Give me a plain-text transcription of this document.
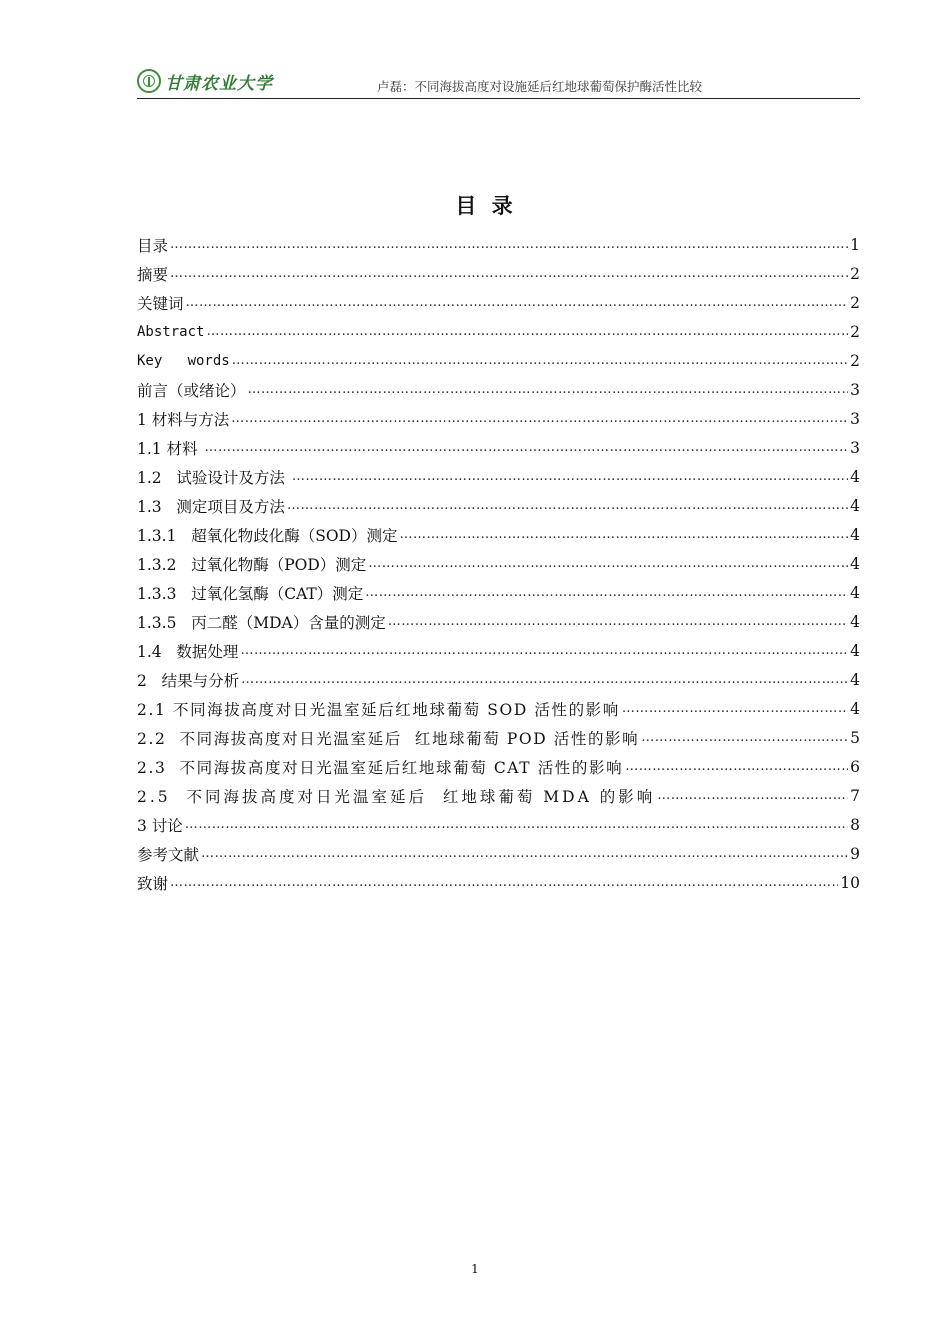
甘肃农业大学	卢磊：不同海拔高度对设施延后红地球葡萄保护酶活性比较
目 录
目录 …………………………………………………………………………………………………………………………………………………………………………	1
摘要 …………………………………………………………………………………………………………………………………………………………………………	2
关键词 …………………………………………………………………………………………………………………………………………………………………………	2
Abstract …………………………………………………………………………………………………………………………………………………………………………	2
Key   words …………………………………………………………………………………………………………………………………………………………………………	2
前言（或绪论） …………………………………………………………………………………………………………………………………………………………………………	3
1 材料与方法 …………………………………………………………………………………………………………………………………………………………………………	3
1.1 材料 …………………………………………………………………………………………………………………………………………………………………………	3
1.2   试验设计及方法 …………………………………………………………………………………………………………………………………………………………………………	4
1.3   测定项目及方法 …………………………………………………………………………………………………………………………………………………………………………	4
1.3.1   超氧化物歧化酶（SOD）测定 …………………………………………………………………………………………………………………………………………………………………………	4
1.3.2   过氧化物酶（POD）测定 …………………………………………………………………………………………………………………………………………………………………………	4
1.3.3   过氧化氢酶（CAT）测定 …………………………………………………………………………………………………………………………………………………………………………	4
1.3.5   丙二醛（MDA）含量的测定 …………………………………………………………………………………………………………………………………………………………………………	4
1.4   数据处理 …………………………………………………………………………………………………………………………………………………………………………	4
2   结果与分析 …………………………………………………………………………………………………………………………………………………………………………	4
2.1 不同海拔高度对日光温室延后红地球葡萄 SOD 活性的影响 …………………………………………………………………………………………………………………………………………………………………………	4
2.2  不同海拔高度对日光温室延后  红地球葡萄 POD 活性的影响 …………………………………………………………………………………………………………………………………………………………………………	5
2.3  不同海拔高度对日光温室延后红地球葡萄 CAT 活性的影响 …………………………………………………………………………………………………………………………………………………………………………	6
2.5  不同海拔高度对日光温室延后  红地球葡萄 MDA 的影响 …………………………………………………………………………………………………………………………………………………………………………	7
3 讨论 …………………………………………………………………………………………………………………………………………………………………………	8
参考文献 …………………………………………………………………………………………………………………………………………………………………………	9
致谢 …………………………………………………………………………………………………………………………………………………………………………	10
1
